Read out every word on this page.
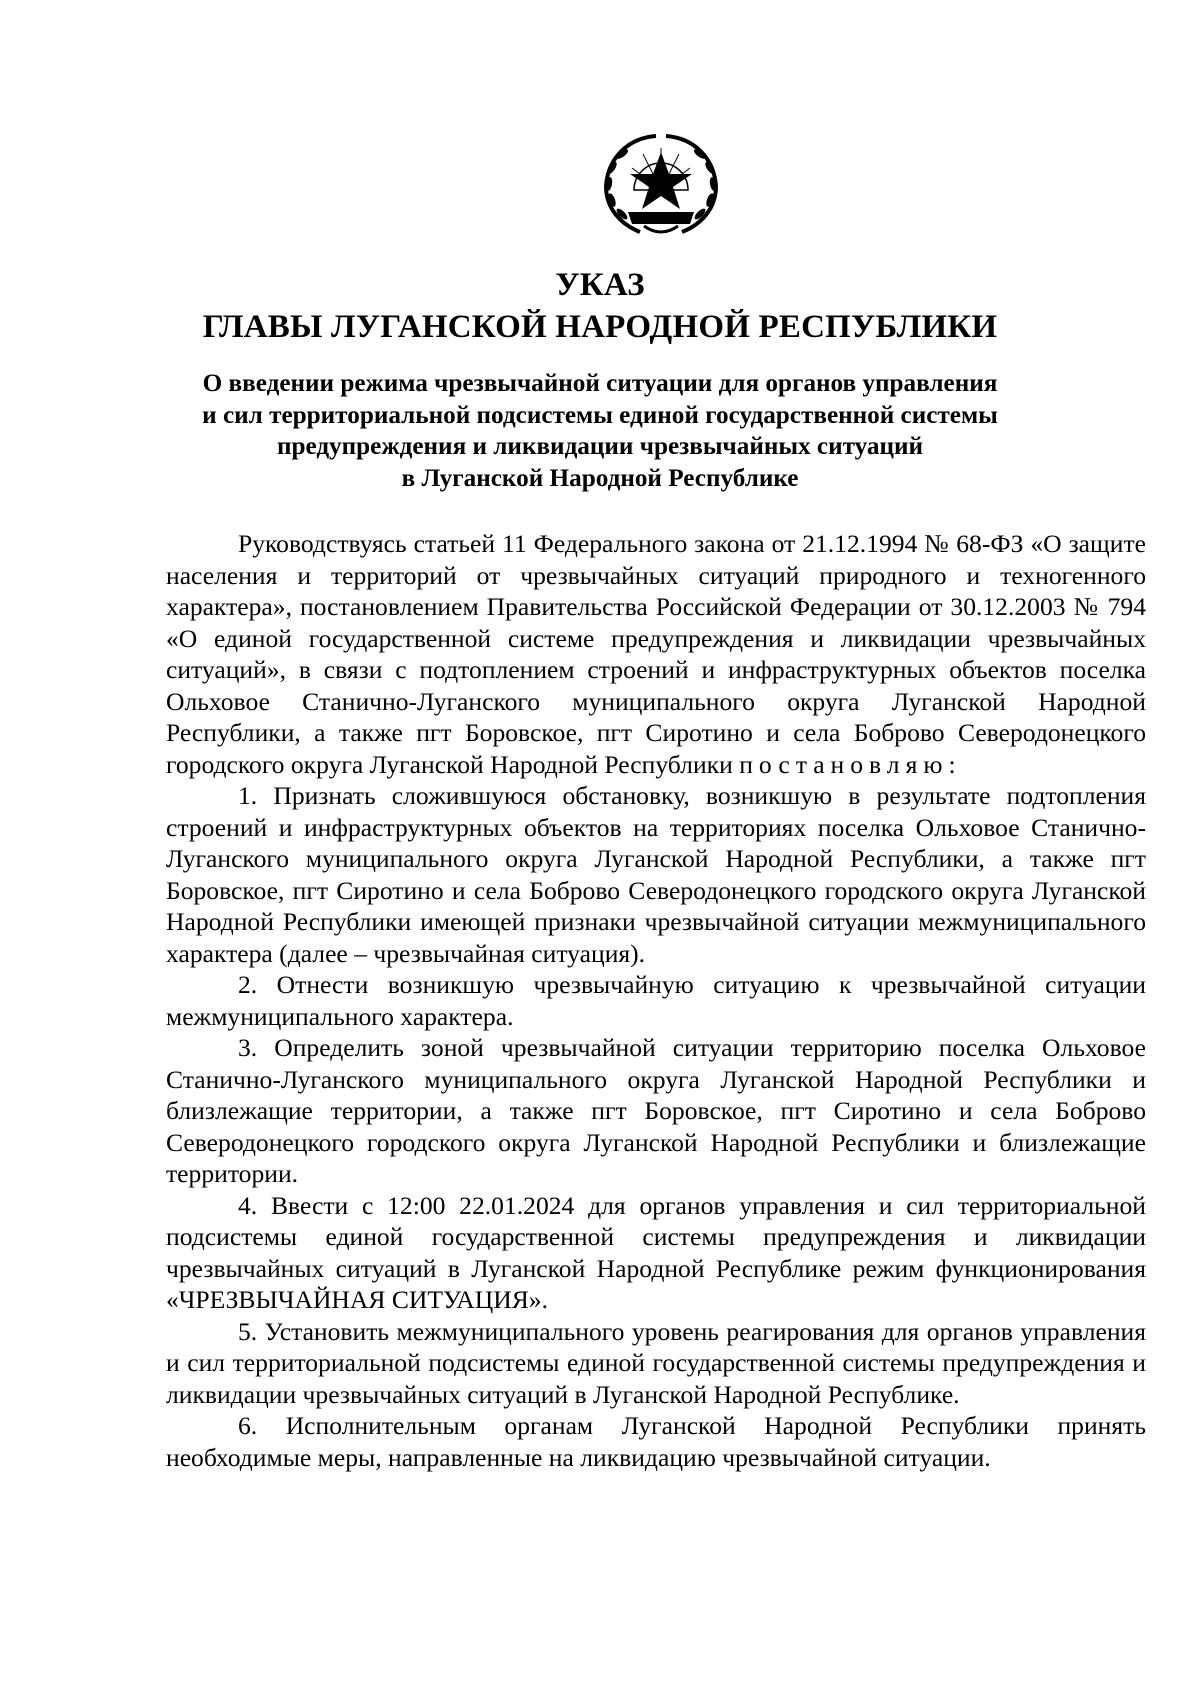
УКАЗ
ГЛАВЫ ЛУГАНСКОЙ НАРОДНОЙ РЕСПУБЛИКИ
О введении режима чрезвычайной ситуации для органов управления
и сил территориальной подсистемы единой государственной системы
предупреждения и ликвидации чрезвычайных ситуаций
в Луганской Народной Республике

Руководствуясь статьей 11 Федерального закона от 21.12.1994 № 68-ФЗ «О защите населения и территорий от чрезвычайных ситуаций природного и техногенного характера», постановлением Правительства Российской Федерации от 30.12.2003 № 794 «О единой государственной системе предупреждения и ликвидации чрезвычайных ситуаций», в связи с подтоплением строений и инфраструктурных объектов поселка Ольховое Станично-Луганского муниципального округа Луганской Народной Республики, а также пгт Боровское, пгт Сиротино и села Боброво Северодонецкого городского округа Луганской Народной Республики постановляю:

1. Признать сложившуюся обстановку, возникшую в результате подтопления строений и инфраструктурных объектов на территориях поселка Ольховое Станично-Луганского муниципального округа Луганской Народной Республики, а также пгт Боровское, пгт Сиротино и села Боброво Северодонецкого городского округа Луганской Народной Республики имеющей признаки чрезвычайной ситуации межмуниципального характера (далее – чрезвычайная ситуация).

2. Отнести возникшую чрезвычайную ситуацию к чрезвычайной ситуации межмуниципального характера.

3. Определить зоной чрезвычайной ситуации территорию поселка Ольховое Станично-Луганского муниципального округа Луганской Народной Республики и близлежащие территории, а также пгт Боровское, пгт Сиротино и села Боброво Северодонецкого городского округа Луганской Народной Республики и близлежащие территории.

4. Ввести с 12:00 22.01.2024 для органов управления и сил территориальной подсистемы единой государственной системы предупреждения и ликвидации чрезвычайных ситуаций в Луганской Народной Республике режим функционирования «ЧРЕЗВЫЧАЙНАЯ СИТУАЦИЯ».

5. Установить межмуниципального уровень реагирования для органов управления и сил территориальной подсистемы единой государственной системы предупреждения и ликвидации чрезвычайных ситуаций в Луганской Народной Республике.

6. Исполнительным органам Луганской Народной Республики принять необходимые меры, направленные на ликвидацию чрезвычайной ситуации.
